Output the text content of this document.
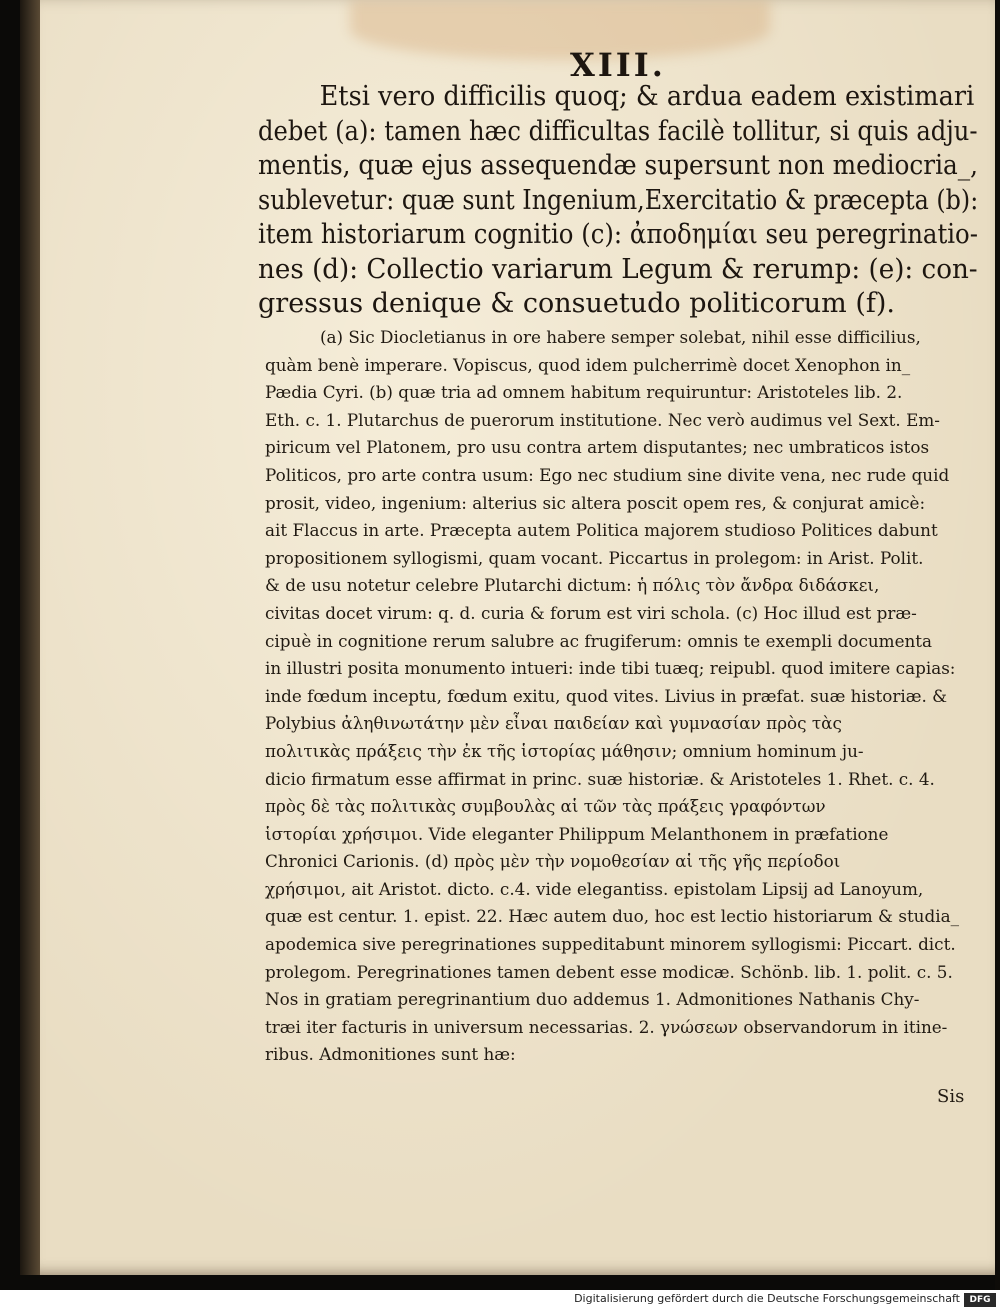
XIII.
Etsi vero difficilis quoq; & ardua eadem existimari
debet (a): tamen hæc difficultas facilè tollitur, si quis adju-
mentis, quæ ejus assequendæ supersunt non mediocria_,
sublevetur: quæ sunt Ingenium,Exercitatio & præcepta (b):
item historiarum cognitio (c): ἀποδημίαι seu peregrinatio-
nes (d): Collectio variarum Legum & rerump: (e): con-
gressus denique & consuetudo politicorum (f).
(a) Sic Diocletianus in ore habere semper solebat, nihil esse difficilius,
quàm benè imperare. Vopiscus, quod idem pulcherrimè docet Xenophon in_
Pædia Cyri. (b) quæ tria ad omnem habitum requiruntur: Aristoteles lib. 2.
Eth. c. 1. Plutarchus de puerorum institutione. Nec verò audimus vel Sext. Em-
piricum vel Platonem, pro usu contra artem disputantes; nec umbraticos istos
Politicos, pro arte contra usum: Ego nec studium sine divite vena, nec rude quid
prosit, video, ingenium: alterius sic altera poscit opem res, & conjurat amicè:
ait Flaccus in arte. Præcepta autem Politica majorem studioso Politices dabunt
propositionem syllogismi, quam vocant. Piccartus in prolegom: in Arist. Polit.
& de usu notetur celebre Plutarchi dictum: ἡ πόλις τὸν ἄνδρα διδάσκει,
civitas docet virum: q. d. curia & forum est viri schola. (c) Hoc illud est præ-
cipuè in cognitione rerum salubre ac frugiferum: omnis te exempli documenta
in illustri posita monumento intueri: inde tibi tuæq; reipubl. quod imitere capias:
inde fœdum inceptu, fœdum exitu, quod vites. Livius in præfat. suæ historiæ. &
Polybius ἀληθινωτάτην μὲν εἶναι παιδείαν καὶ γυμνασίαν πρὸς τὰς
πολιτικὰς πράξεις τὴν ἐκ τῆς ἱστορίας μάθησιν; omnium hominum ju-
dicio firmatum esse affirmat in princ. suæ historiæ. & Aristoteles 1. Rhet. c. 4.
πρὸς δὲ τὰς πολιτικὰς συμβουλὰς αἱ τῶν τὰς πράξεις γραφόντων
ἱστορίαι χρήσιμοι. Vide eleganter Philippum Melanthonem in præfatione
Chronici Carionis. (d) πρὸς μὲν τὴν νομοθεσίαν αἱ τῆς γῆς περίοδοι
χρήσιμοι, ait Aristot. dicto. c.4. vide elegantiss. epistolam Lipsij ad Lanoyum,
quæ est centur. 1. epist. 22. Hæc autem duo, hoc est lectio historiarum & studia_
apodemica sive peregrinationes suppeditabunt minorem syllogismi: Piccart. dict.
prolegom. Peregrinationes tamen debent esse modicæ. Schönb. lib. 1. polit. c. 5.
Nos in gratiam peregrinantium duo addemus 1. Admonitiones Nathanis Chy-
træi iter facturis in universum necessarias. 2. γνώσεων observandorum in itine-
ribus. Admonitiones sunt hæ:
Sis
Digitalisierung gefördert durch die Deutsche Forschungsgemeinschaft	DFG
